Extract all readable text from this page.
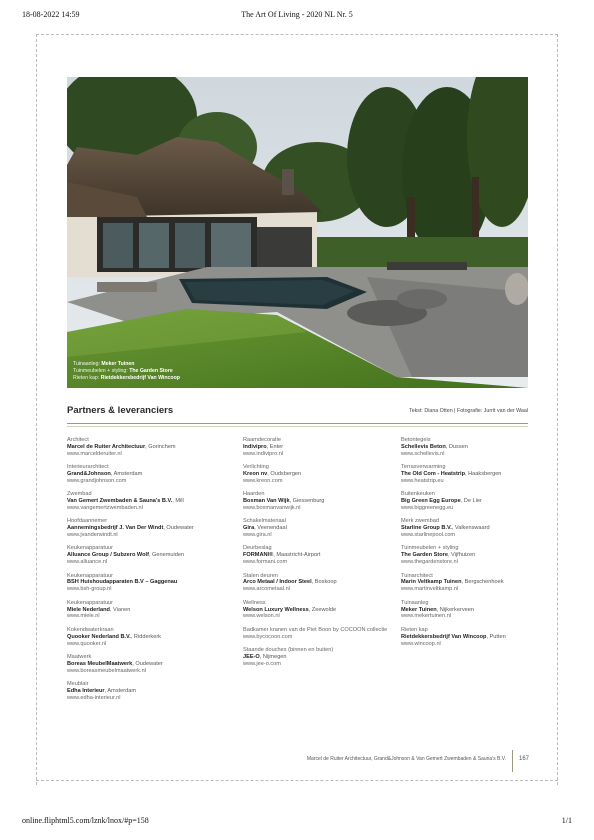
18-08-2022 14:59	The Art Of Living - 2020 NL Nr. 5
Tuinaanleg: Meker Tuinen
Tuinmeubelen + styling: The Garden Store
Rieten kap: Rietdekkersbedrijf Van Wincoop
Partners & leveranciers	Tekst: Diana Otten | Fotografie: Jurrit van der Waal
Architect
Marcel de Ruiter Architectuur, Gorinchem
www.marcelderuiter.nl
Interieurarchitect
Grand&Johnson, Amsterdam
www.grandjohnson.com
Zwembad
Van Gemert Zwembaden & Sauna's B.V., Mill
www.vangemertzwembaden.nl
Hoofdaannemer
Aannemingsbedrijf J. Van Der Windt, Oudewater
www.jvanderwindt.nl
Keukenapparatuur
Alluance Group / Subzero Wolf, Genemuiden
www.alluance.nl
Keukenapparatuur
BSH Huishoudapparaten B.V – Gaggenau
www.bsh-group.nl
Keukenapparatuur
Miele Nederland, Vianen
www.miele.nl
Kokendwaterkraan
Quooker Nederland B.V., Ridderkerk
www.quooker.nl
Maatwerk
Boreas MeubelMaatwerk, Oudewater
www.boreasmeubelmaatwerk.nl
Meublair
Edha Interieur, Amsterdam
www.edha-interieur.nl
Raamdecoratie
Indivipro, Enter
www.indivipro.nl
Verlichting
Kreon nv, Oudsbergen
www.kreon.com
Haarden
Boxman Van Wijk, Giessenburg
www.boxmanvanwijk.nl
Schakelmateriaal
Gira, Veenendaal
www.gira.nl
Deurbeslag
FORMANI®, Maastricht-Airport
www.formani.com
Stalen deuren
Arco Metaal / Indoor Steel, Boskoop
www.arcometaal.nl
Wellness
Welson Luxury Wellness, Zeewolde
www.welson.nl
Badkamer kranen van de Piet Boon by COCOON collectie
www.bycocoon.com
Staande douches (binnen en buiten)
JEE-O, Nijmegen
www.jee-o.com
Betontegels
Schellevis Beton, Dussen
www.schellevis.nl
Terrasverwarming
The Old Com - Heatstrip, Haaksbergen
www.heatstrip.eu
Buitenkeuken
Big Green Egg Europe, De Lier
www.biggreenegg.eu
Merk zwembad
Starline Group B.V., Valkenswaard
www.starlinepool.com
Tuinmeubelen + styling
The Garden Store, Vijfhuizen
www.thegardenstore.nl
Tuinarchitect
Marin Veltkamp Tuinen, Bergschenhoek
www.martinveltkamp.nl
Tuinaanleg
Meker Tuinen, Nijkerkerveen
www.mekertuinen.nl
Rieten kap
Rietdekkersbedrijf Van Wincoop, Putten
www.wincoop.nl
Marcel de Ruiter Architectuur, Grand&Johnson & Van Gemert Zwembaden & Sauna's B.V. 167
online.fliphtml5.com/lznk/lnox/#p=158	1/1
